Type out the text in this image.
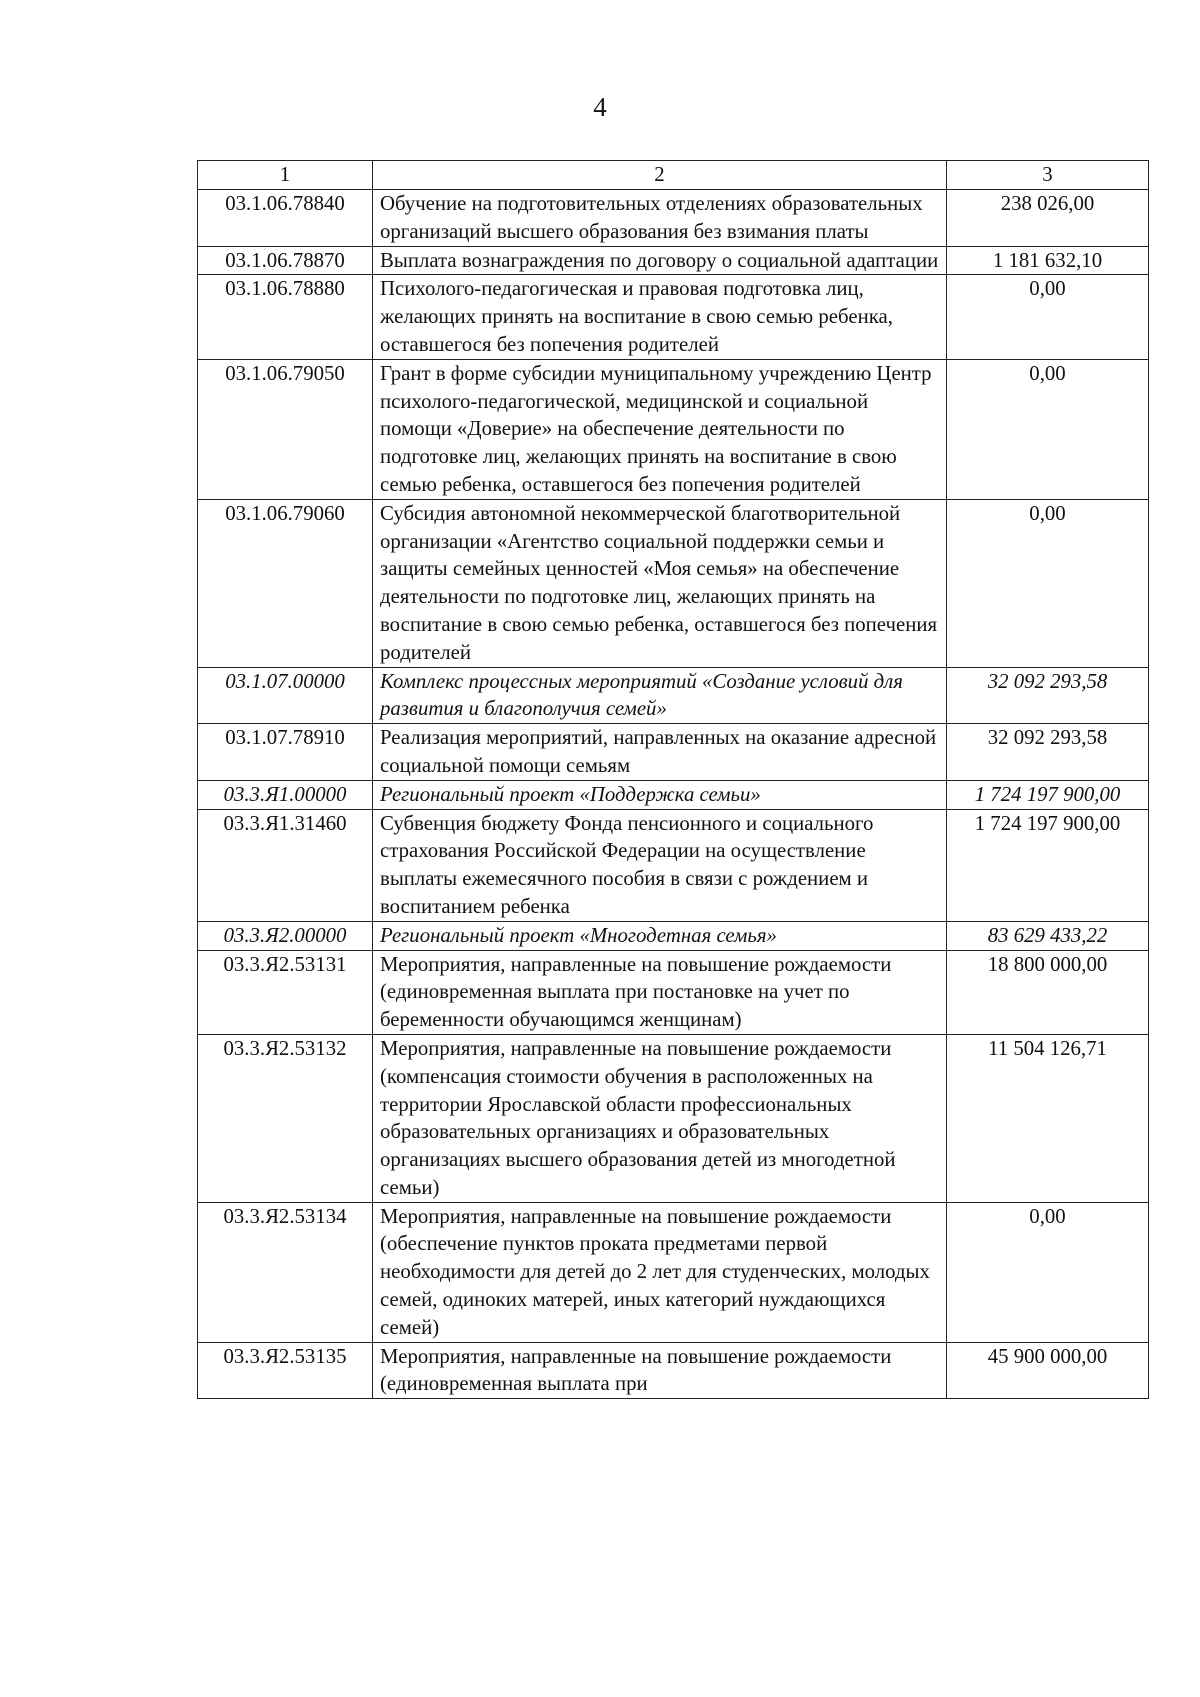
4
1	2	3
03.1.06.78840	Обучение на подготовительных отделениях образовательных организаций высшего образования без взимания платы	238 026,00
03.1.06.78870	Выплата вознаграждения по договору о социальной адаптации	1 181 632,10
03.1.06.78880	Психолого-педагогическая и правовая подготовка лиц, желающих принять на воспитание в свою семью ребенка, оставшегося без попечения родителей	0,00
03.1.06.79050	Грант в форме субсидии муниципальному учреждению Центр психолого-педагогической, медицинской и социальной помощи «Доверие» на обеспечение деятельности по подготовке лиц, желающих принять на воспитание в свою семью ребенка, оставшегося без попечения родителей	0,00
03.1.06.79060	Субсидия автономной некоммерческой благотворительной организации «Агентство социальной поддержки семьи и защиты семейных ценностей «Моя семья» на обеспечение деятельности по подготовке лиц, желающих принять на воспитание в свою семью ребенка, оставшегося без попечения родителей	0,00
03.1.07.00000	Комплекс процессных мероприятий «Создание условий для развития и благополучия семей»	32 092 293,58
03.1.07.78910	Реализация мероприятий, направленных на оказание адресной социальной помощи семьям	32 092 293,58
03.3.Я1.00000	Региональный проект «Поддержка семьи»	1 724 197 900,00
03.3.Я1.31460	Субвенция бюджету Фонда пенсионного и социального страхования Российской Федерации на осуществление выплаты ежемесячного пособия в связи с рождением и воспитанием ребенка	1 724 197 900,00
03.3.Я2.00000	Региональный проект «Многодетная семья»	83 629 433,22
03.3.Я2.53131	Мероприятия, направленные на повышение рождаемости (единовременная выплата при постановке на учет по беременности обучающимся женщинам)	18 800 000,00
03.3.Я2.53132	Мероприятия, направленные на повышение рождаемости (компенсация стоимости обучения в расположенных на территории Ярославской области профессиональных образовательных организациях и образовательных организациях высшего образования детей из многодетной семьи)	11 504 126,71
03.3.Я2.53134	Мероприятия, направленные на повышение рождаемости (обеспечение пунктов проката предметами первой необходимости для детей до 2 лет для студенческих, молодых семей, одиноких матерей, иных категорий нуждающихся семей)	0,00
03.3.Я2.53135	Мероприятия, направленные на повышение рождаемости (единовременная выплата при	45 900 000,00
